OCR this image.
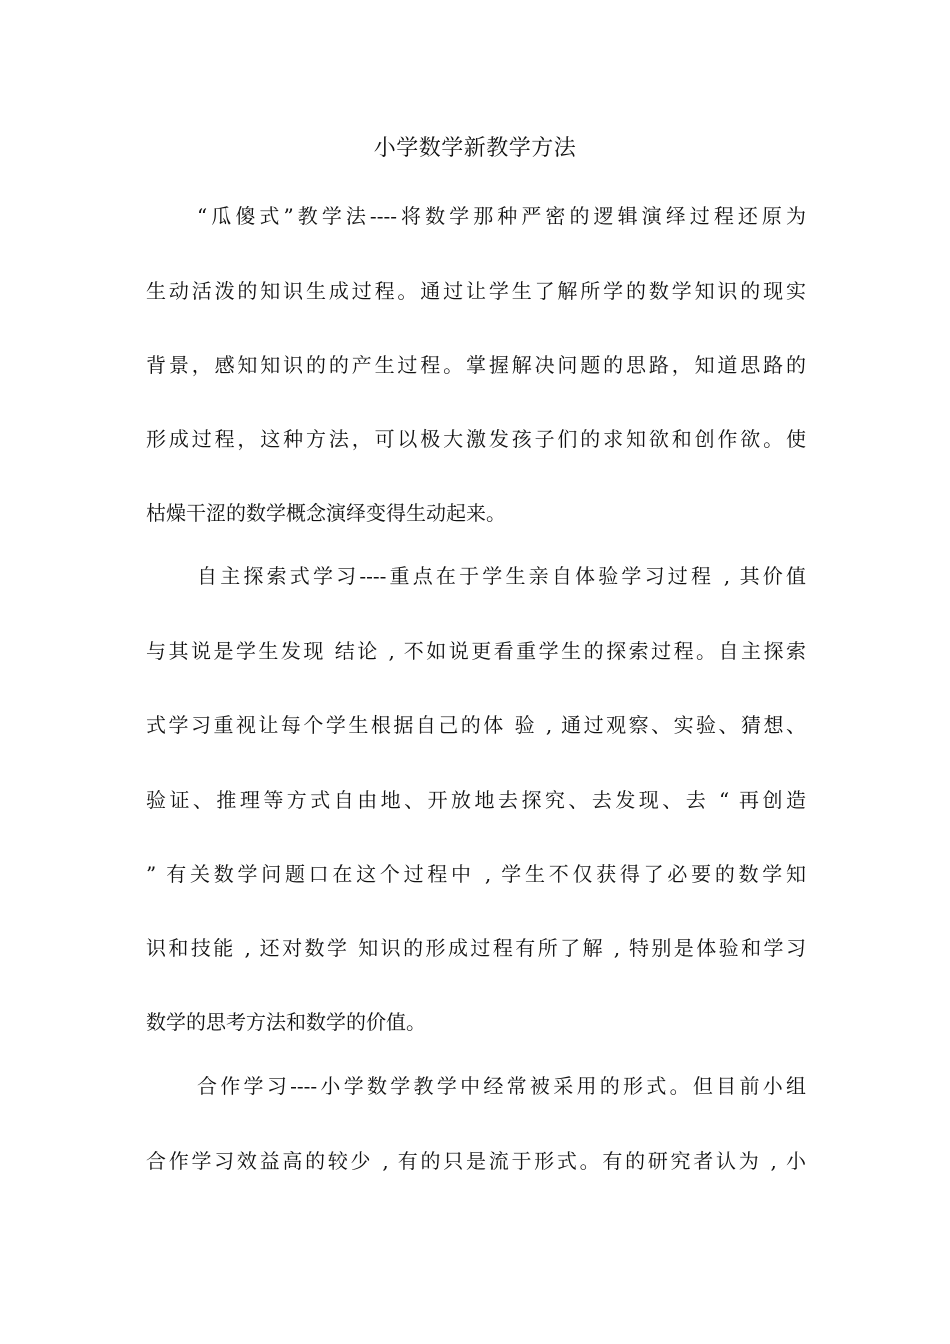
小学数学新教学方法
“瓜傻式”教学法----将数学那种严密的逻辑演绎过程还原为
生动活泼的知识生成过程。通过让学生了解所学的数学知识的现实
背景，感知知识的的产生过程。掌握解决问题的思路，知道思路的
形成过程，这种方法，可以极大激发孩子们的求知欲和创作欲。使
枯燥干涩的数学概念演绎变得生动起来。
自主探索式学习----重点在于学生亲自体验学习过程 , 其价值
与其说是学生发现 结论 , 不如说更看重学生的探索过程。自主探索
式学习重视让每个学生根据自己的体 验 , 通过观察、实验、猜想、
验证、推理等方式自由地、开放地去探究、去发现、去 “ 再创造
” 有关数学问题口在这个过程中 , 学生不仅获得了必要的数学知
识和技能 , 还对数学 知识的形成过程有所了解 , 特别是体验和学习
数学的思考方法和数学的价值。
合作学习----小学数学教学中经常被采用的形式。但目前小组
合作学习效益高的较少 , 有的只是流于形式。有的研究者认为 , 小
